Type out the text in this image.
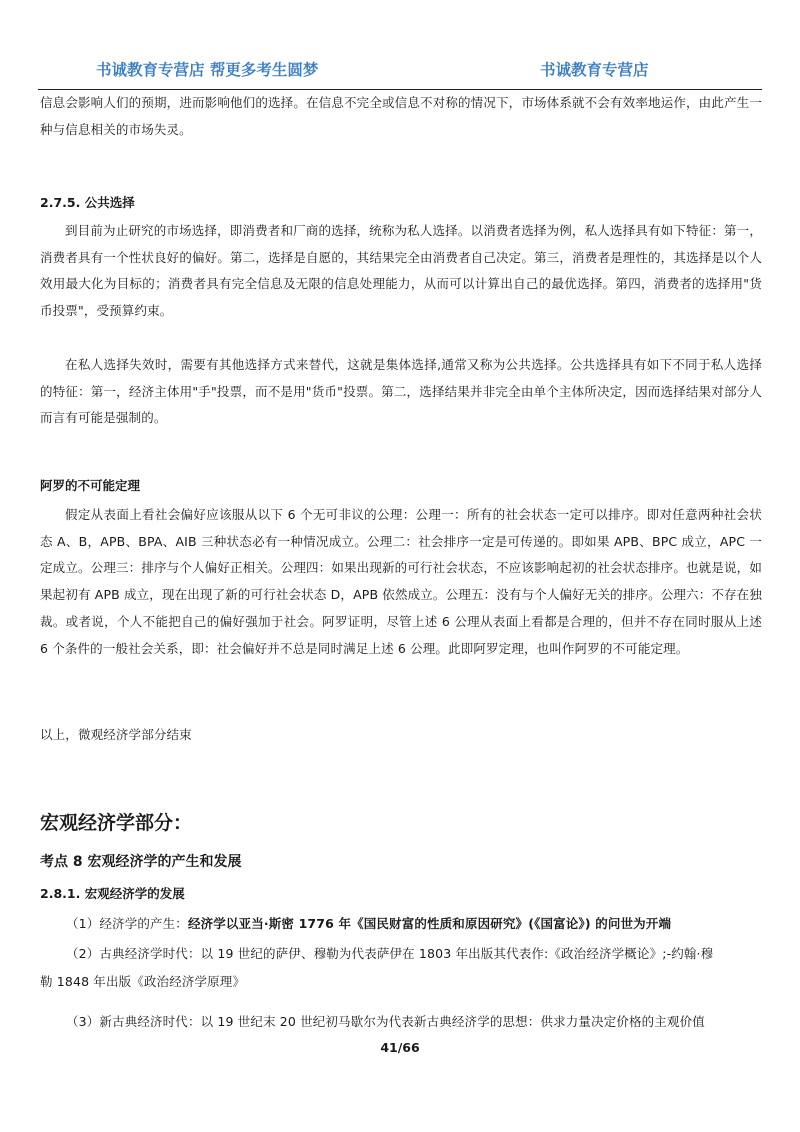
书诚教育专营店 帮更多考生圆梦	书诚教育专营店
信息会影响人们的预期，进而影响他们的选择。在信息不完全或信息不对称的情况下，市场体系就不会有效率地运作，由此产生一种与信息相关的市场失灵。
2.7.5. 公共选择
到目前为止研究的市场选择，即消费者和厂商的选择，统称为私人选择。以消费者选择为例，私人选择具有如下特征：第一，消费者具有一个性状良好的偏好。第二，选择是自愿的，其结果完全由消费者自己决定。第三，消费者是理性的，其选择是以个人效用最大化为目标的；消费者具有完全信息及无限的信息处理能力，从而可以计算出自己的最优选择。第四，消费者的选择用"货币投票"，受预算约束。
在私人选择失效时，需要有其他选择方式来替代，这就是集体选择,通常又称为公共选择。公共选择具有如下不同于私人选择的特征：第一，经济主体用"手"投票，而不是用"货币"投票。第二，选择结果并非完全由单个主体所决定，因而选择结果对部分人而言有可能是强制的。
阿罗的不可能定理
假定从表面上看社会偏好应该服从以下 6 个无可非议的公理：公理一：所有的社会状态一定可以排序。即对任意两种社会状态 A、B，APB、BPA、AIB 三种状态必有一种情况成立。公理二：社会排序一定是可传递的。即如果 APB、BPC 成立，APC 一定成立。公理三：排序与个人偏好正相关。公理四：如果出现新的可行社会状态，不应该影响起初的社会状态排序。也就是说，如果起初有 APB 成立，现在出现了新的可行社会状态 D，APB 依然成立。公理五：没有与个人偏好无关的排序。公理六：不存在独裁。或者说，个人不能把自己的偏好强加于社会。阿罗证明，尽管上述 6 公理从表面上看都是合理的，但并不存在同时服从上述 6 个条件的一般社会关系，即：社会偏好并不总是同时满足上述 6 公理。此即阿罗定理，也叫作阿罗的不可能定理。
以上，微观经济学部分结束
宏观经济学部分：
考点 8 宏观经济学的产生和发展
2.8.1. 宏观经济学的发展
（1）经济学的产生：经济学以亚当·斯密 1776 年《国民财富的性质和原因研究》(《国富论》) 的问世为开端
（2）古典经济学时代：以 19 世纪的萨伊、穆勒为代表萨伊在 1803 年出版其代表作:《政治经济学概论》;-约翰·穆
勒 1848 年出版《政治经济学原理》
（3）新古典经济时代：以 19 世纪末 20 世纪初马歇尔为代表新古典经济学的思想：供求力量决定价格的主观价值
41/66
